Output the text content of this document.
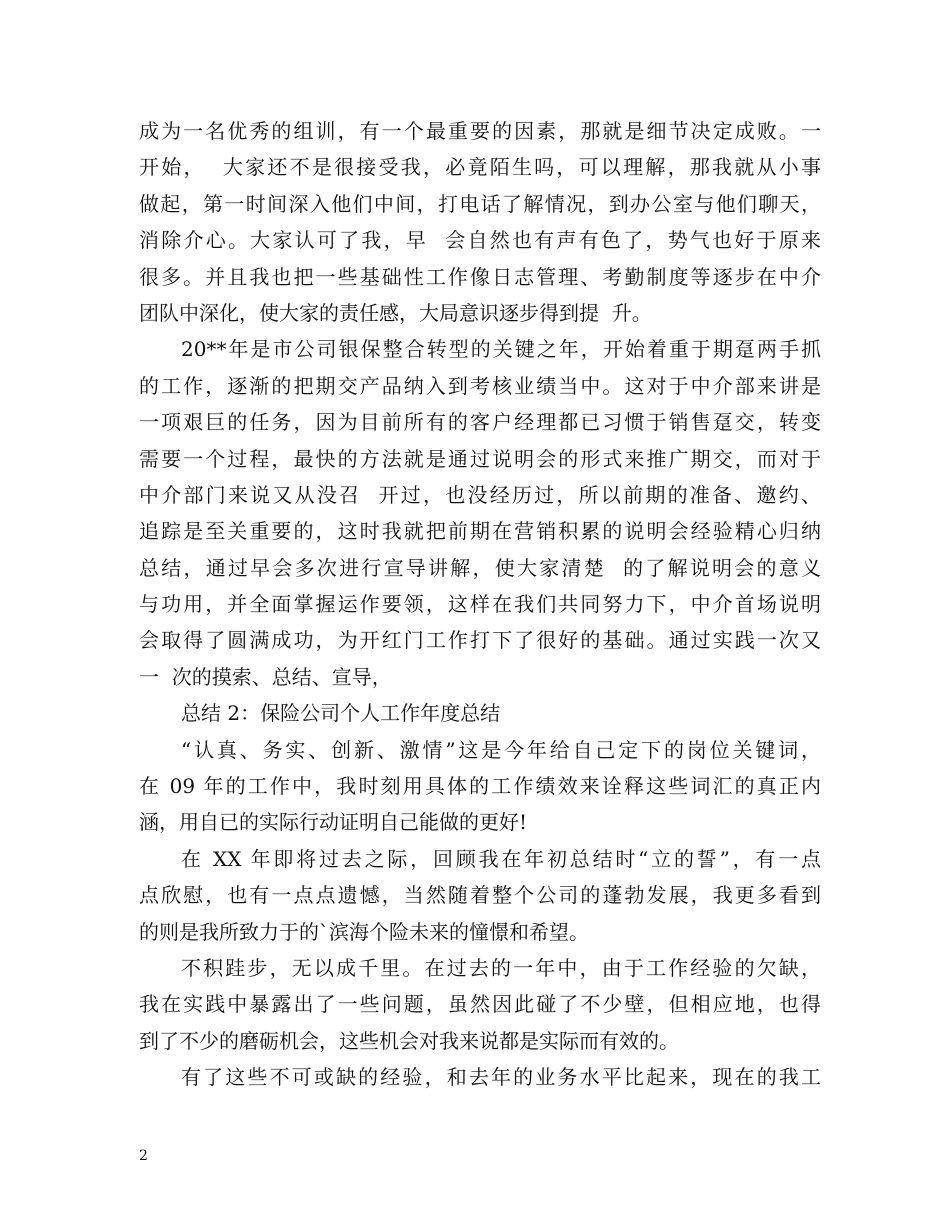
成为一名优秀的组训，有一个最重要的因素，那就是细节决定成败。一
开始，  大家还不是很接受我，必竟陌生吗，可以理解，那我就从小事
做起，第一时间深入他们中间，打电话了解情况，到办公室与他们聊天，
消除介心。大家认可了我，早  会自然也有声有色了，势气也好于原来
很多。并且我也把一些基础性工作像日志管理、考勤制度等逐步在中介
团队中深化，使大家的责任感，大局意识逐步得到提  升。
20**年是市公司银保整合转型的关键之年，开始着重于期趸两手抓
的工作，逐渐的把期交产品纳入到考核业绩当中。这对于中介部来讲是
一项艰巨的任务，因为目前所有的客户经理都已习惯于销售趸交，转变
需要一个过程，最快的方法就是通过说明会的形式来推广期交，而对于
中介部门来说又从没召  开过，也没经历过，所以前期的准备、邀约、
追踪是至关重要的，这时我就把前期在营销积累的说明会经验精心归纳
总结，通过早会多次进行宣导讲解，使大家清楚  的了解说明会的意义
与功用，并全面掌握运作要领，这样在我们共同努力下，中介首场说明
会取得了圆满成功，为开红门工作打下了很好的基础。通过实践一次又
一  次的摸索、总结、宣导，
总结 2：保险公司个人工作年度总结
“认真、务实、创新、激情”这是今年给自己定下的岗位关键词，
在 09 年的工作中，我时刻用具体的工作绩效来诠释这些词汇的真正内
涵，用自已的实际行动证明自己能做的更好!
在 XX 年即将过去之际，回顾我在年初总结时“立的誓”，有一点
点欣慰，也有一点点遗憾，当然随着整个公司的蓬勃发展，我更多看到
的则是我所致力于的`滨海个险未来的憧憬和希望。
不积跬步，无以成千里。在过去的一年中，由于工作经验的欠缺，
我在实践中暴露出了一些问题，虽然因此碰了不少壁，但相应地，也得
到了不少的磨砺机会，这些机会对我来说都是实际而有效的。
有了这些不可或缺的经验，和去年的业务水平比起来，现在的我工
2
